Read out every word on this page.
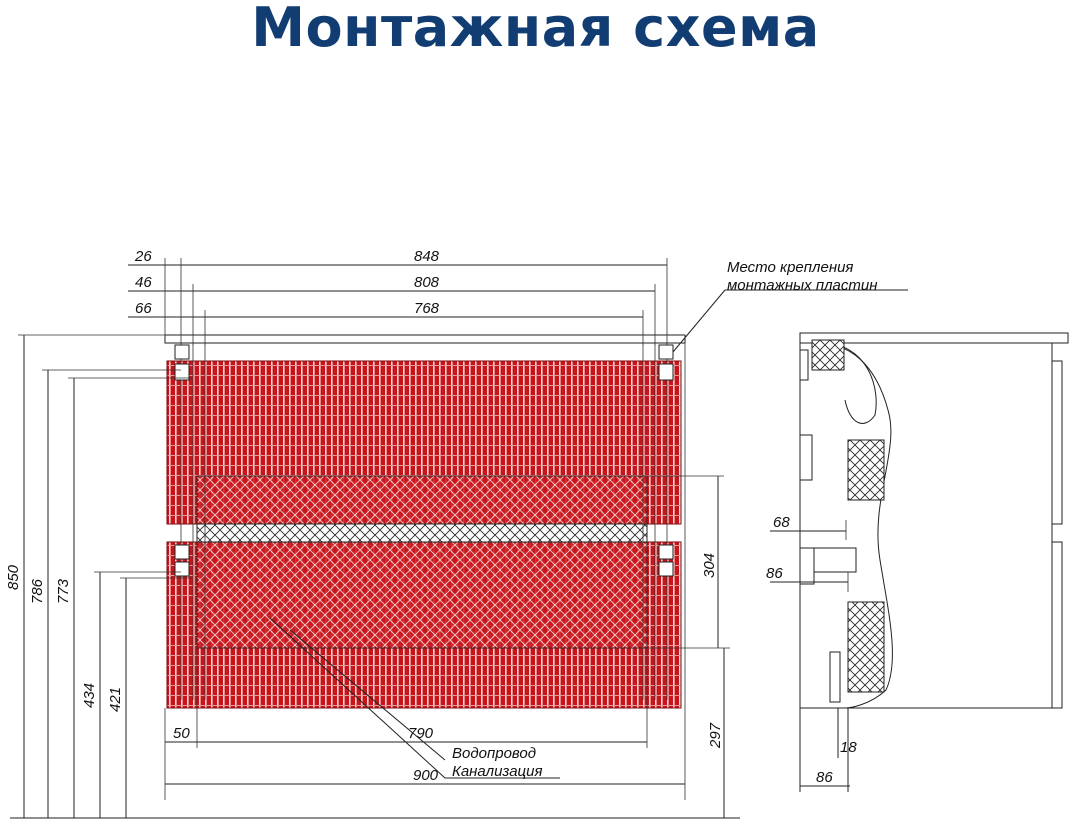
Монтажная схема
26
46
66
848
808
768
850
786 773
434 421
304
297
50	790
900
Место крепления
монтажных пластин
Водопровод
Канализация
68
86
18
86
